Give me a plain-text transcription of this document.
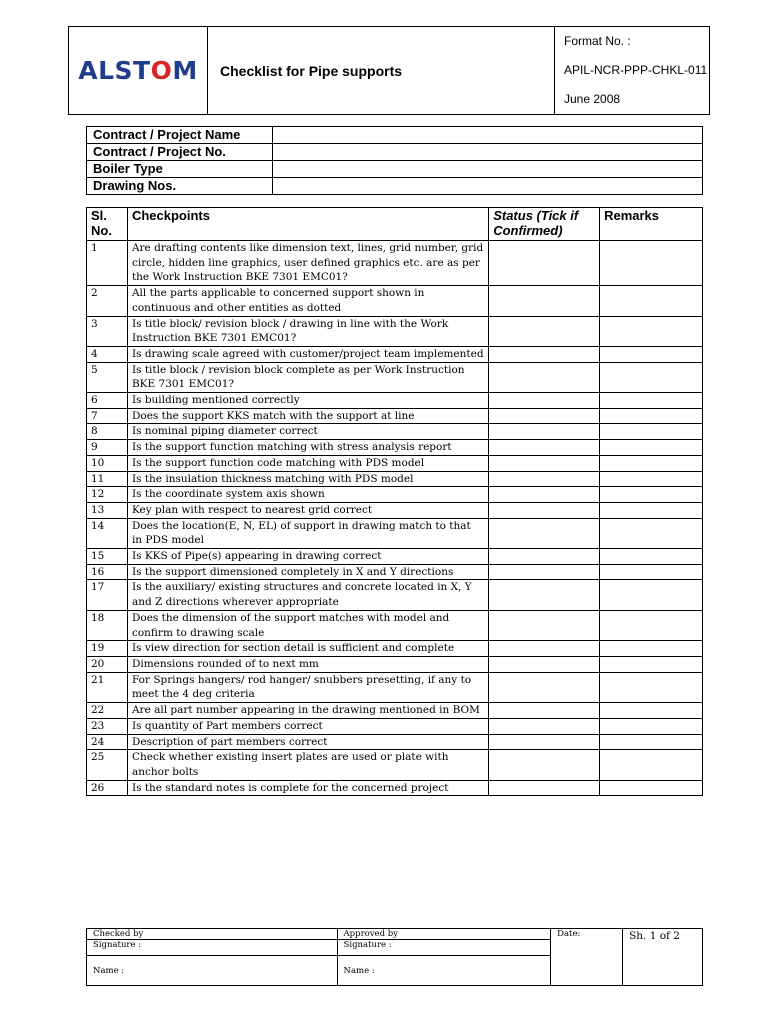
ALSTOM	Checklist for Pipe supports	
Format No. :
APIL-NCR-PPP-CHKL-011
June 2008
Contract / Project Name	
Contract / Project No.	
Boiler Type	
Drawing Nos.	
Sl. No.	Checkpoints	Status (Tick if Confirmed)	Remarks
1	Are drafting contents like dimension text, lines, grid number, grid circle, hidden line graphics, user defined graphics etc. are as per the Work Instruction BKE 7301 EMC01?		
2	All the parts applicable to concerned support shown in continuous and other entities as dotted		
3	Is title block/ revision block / drawing in line with the Work Instruction BKE 7301 EMC01?		
4	Is drawing scale agreed with customer/project team implemented		
5	Is title block / revision block complete as per Work Instruction BKE 7301 EMC01?		
6	Is building mentioned correctly		
7	Does the support KKS match with the support at line		
8	Is nominal piping diameter correct		
9	Is the support function matching with stress analysis report		
10	Is the support function code matching with PDS model		
11	Is the insulation thickness matching with PDS model		
12	Is the coordinate system axis shown		
13	Key plan with respect to nearest grid correct		
14	Does the location(E, N, EL) of support in drawing match to that in PDS model		
15	Is KKS of Pipe(s) appearing in drawing correct		
16	Is the support dimensioned completely in X and Y directions		
17	Is the auxiliary/ existing structures and concrete located in X, Y and Z directions wherever appropriate		
18	Does the dimension of the support matches with model and confirm to drawing scale		
19	Is view direction for section detail is sufficient and complete		
20	Dimensions rounded of to next mm		
21	For Springs hangers/ rod hanger/ snubbers presetting, if any to meet the 4 deg criteria		
22	Are all part number appearing in the drawing mentioned in BOM		
23	Is quantity of Part members correct		
24	Description of part members correct		
25	Check whether existing insert plates are used or plate with anchor bolts		
26	Is the standard notes is complete for the concerned project		
Checked by	Approved by	Date:	Sh. 1 of 2
Signature :	Signature :		
Name :	Name :		
